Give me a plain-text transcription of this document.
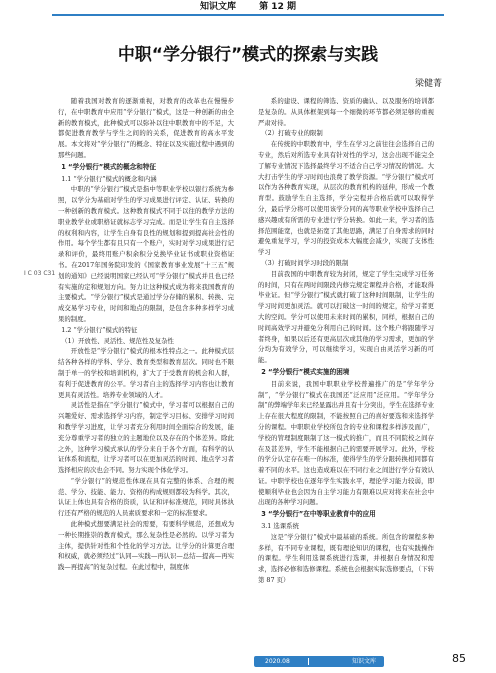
知识文库	第 12 期
中职“学分银行”模式的探索与实践
梁健菁
I C 03 C31

随着我国对教育的逐渐重视，对教育的改革也在慢慢步行，在中职教育中应用“学分银行”模式，这是一种创新的由全新的教育模式，此种模式可以弥补以往中职教育中的不足，大都促进教育教学与学生之间的的关系，促进教育的高水平发展。本文将对“学分银行”的概念、特征以及实施过程中遇到的那些问题。

1 “学分银行”模式的概念和特征
1.1 “学分银行”模式的概念和内涵

中职的“学分银行”模式是指中等职业学校以银行系统为参照，以学分为基础对学生的学习成果进行评定、认证、转换的一种创新的教育模式。这种教育模式不同于以往的教学方法的职业教学业或职格证就标志学习完成。而是让学生有自主选择的权利和内容，让学生自身有良性的规划和提到提高社会性的作用。每个学生都有且只有一个账户，实时对学习成果进行记录和评价，最终用账户积余积分兑换毕业证书或职业资格证书。在2017年国务院印发的《国家教育事业发展“十三五”规划的通知》已经说明国家已经认可“学分银行”模式并且也已经有实施的定和规划方向。努力让这种模式成为将来我国教育的主要模式。“学分银行”模式是通过学分存储的累积、转换、完成交易学习专业，时间和地点的限制，是包含多种多样学习成果的制度。

1.2 “学分银行”模式的特征
（1）开放性、灵活性、规范性及复杂性

开放性是“学分银行”模式的根本性特点之一。此种模式层结各种各样的学科、学分、教育类型和教育层次。同时也不限制于单一的学校和培训机构，扩大了于受教育的机会和人群，有利于促进教育的公平。学习者自主的选择学习内容也让教育更具有灵活性。培养专业领域的人才。

灵活性是指在“学分银行”模式中，学习者可以根据自己的兴趣爱好、需求选择学习内容，制定学习目标、安排学习时间和教学学习进度，让学习者充分利用时间全面综合的发展，能充分尊重学习者的独立的主题地位以及存在的个体差异。除此之外，这种学习模式承认的学分来自于各个方面，有科学的认证体系和流程，让学习者可以在更加灵活的时间、地点学习者选择相应的次也会不同。努力实现个体化学习。

“学分银行”的规范性体现在具有完整的体系、合理的规范、学分、技能、能力、资格的构成规则都较为科学。其次，认证上体也具有合格的资质，认证和评标准规范，同时具体执行还有严格的规范的人员素质要求和一定的标准要求。

此种模式想要满足社会的需要，有要科学规范，还想成为一种长期推崇的教育模式，那么复杂性是必然的。以学习者为主体，提供针对性和个性化的学习方法。让学分的计算更合理和权威，就必须经过“认同—实践—再认识—总结—提高—再实践—再提高”的复杂过程。在此过程中，制度体

系的建设、课程的筛选、资质的确认、以及服务的培训都是复杂的。从具体框架到每一个细微的环节都必须足够的重视严肃对待。

（2）打破专业的限制

在传统的中职教育中，学生在学习之前往往会选择自己的专业，然后对所选专业具有针对性的学习，这会出现不能完全了解专业情况下选择最终学习不适合自己学习情况的情况。大大打击学生的学习时间也浪费了教学资源。“学分银行”模式可以作为各种教育实现，从层次的教育机构的延伸，形成一个教育型。鼓励学生自主选择，学分完程并合格后就可以取得学分，最后学分将可以使用该学分同的高等职业学校申选择自己感兴趣或有所需的专业进行学分转换。如此一来，学习者的选择范围能宽，也就是拓宽了其他思路，满足了自身需求的同时避免重复学习，学习的投资成本大幅度会减少，实现了支体性学习

（3）打破时间学习时段的限制

目前我国的中职教育较为封闭，规定了学生完成学习任务的时间，只有在两时间限段内修完规定课程并合格，才能取得毕业证。但“学分银行”模式就打破了这种时间限制，让学生的学习时间更加灵活。就可以打破这一时间的规定，给学习者更大的空间。学分可以使用未来时间的累积，同样，根据自己的时间高效学习并避免分利用自己的时间。这个账户将跟随学习者终身，如果以后还有更高层次或其他的学习需求，更加的学分均为有效学分，可以继续学习，实现自由灵活学习新的可能。

2 “学分银行”模式实施的困境

目前来说，我国中职职业学校普遍推广的是“学年学分制”，“学分银行”模式在我国还“泛应用”泛应用。“学年学分制”的弊端学年来已经显露出并且有十分突出，学生在选择专业上存在很大程度的限制，不能按照自己的喜好要选和来选择学分的课程。中职职业学校所包含的专业和课程多样涉及面广，学校的管理制度限制了这一模式的推广，而且不同院校之间存在及甚差异，学生不能根据自己的需要开展学习。此外，学校的学分认定存在唯一的标准，使得学生的学分跟转换相同都有着不同的水平。这也造成难以在不同行业之间进行学分有效认证。中职学校也在逐年学生实践水平，理论学习能力较弱，即使顺利毕业也会因为自主学习能力有限难以应对将来在社会中出现的各种学习问题。

3 “学分银行”在中等职业教育中的应用
3.1 选课系统

这是“学分银行”模式中最基础的系统。所包含的课程多种多样，有不同专业课程，既有理论知识的课程，也有实践操作的课程。学生利用选课系统进行选课，并根据自身情况和需求，选择必修和选修课程。系统也会根据实际选修要点，（下转第 87 页）

2020.08	知识文库	85
